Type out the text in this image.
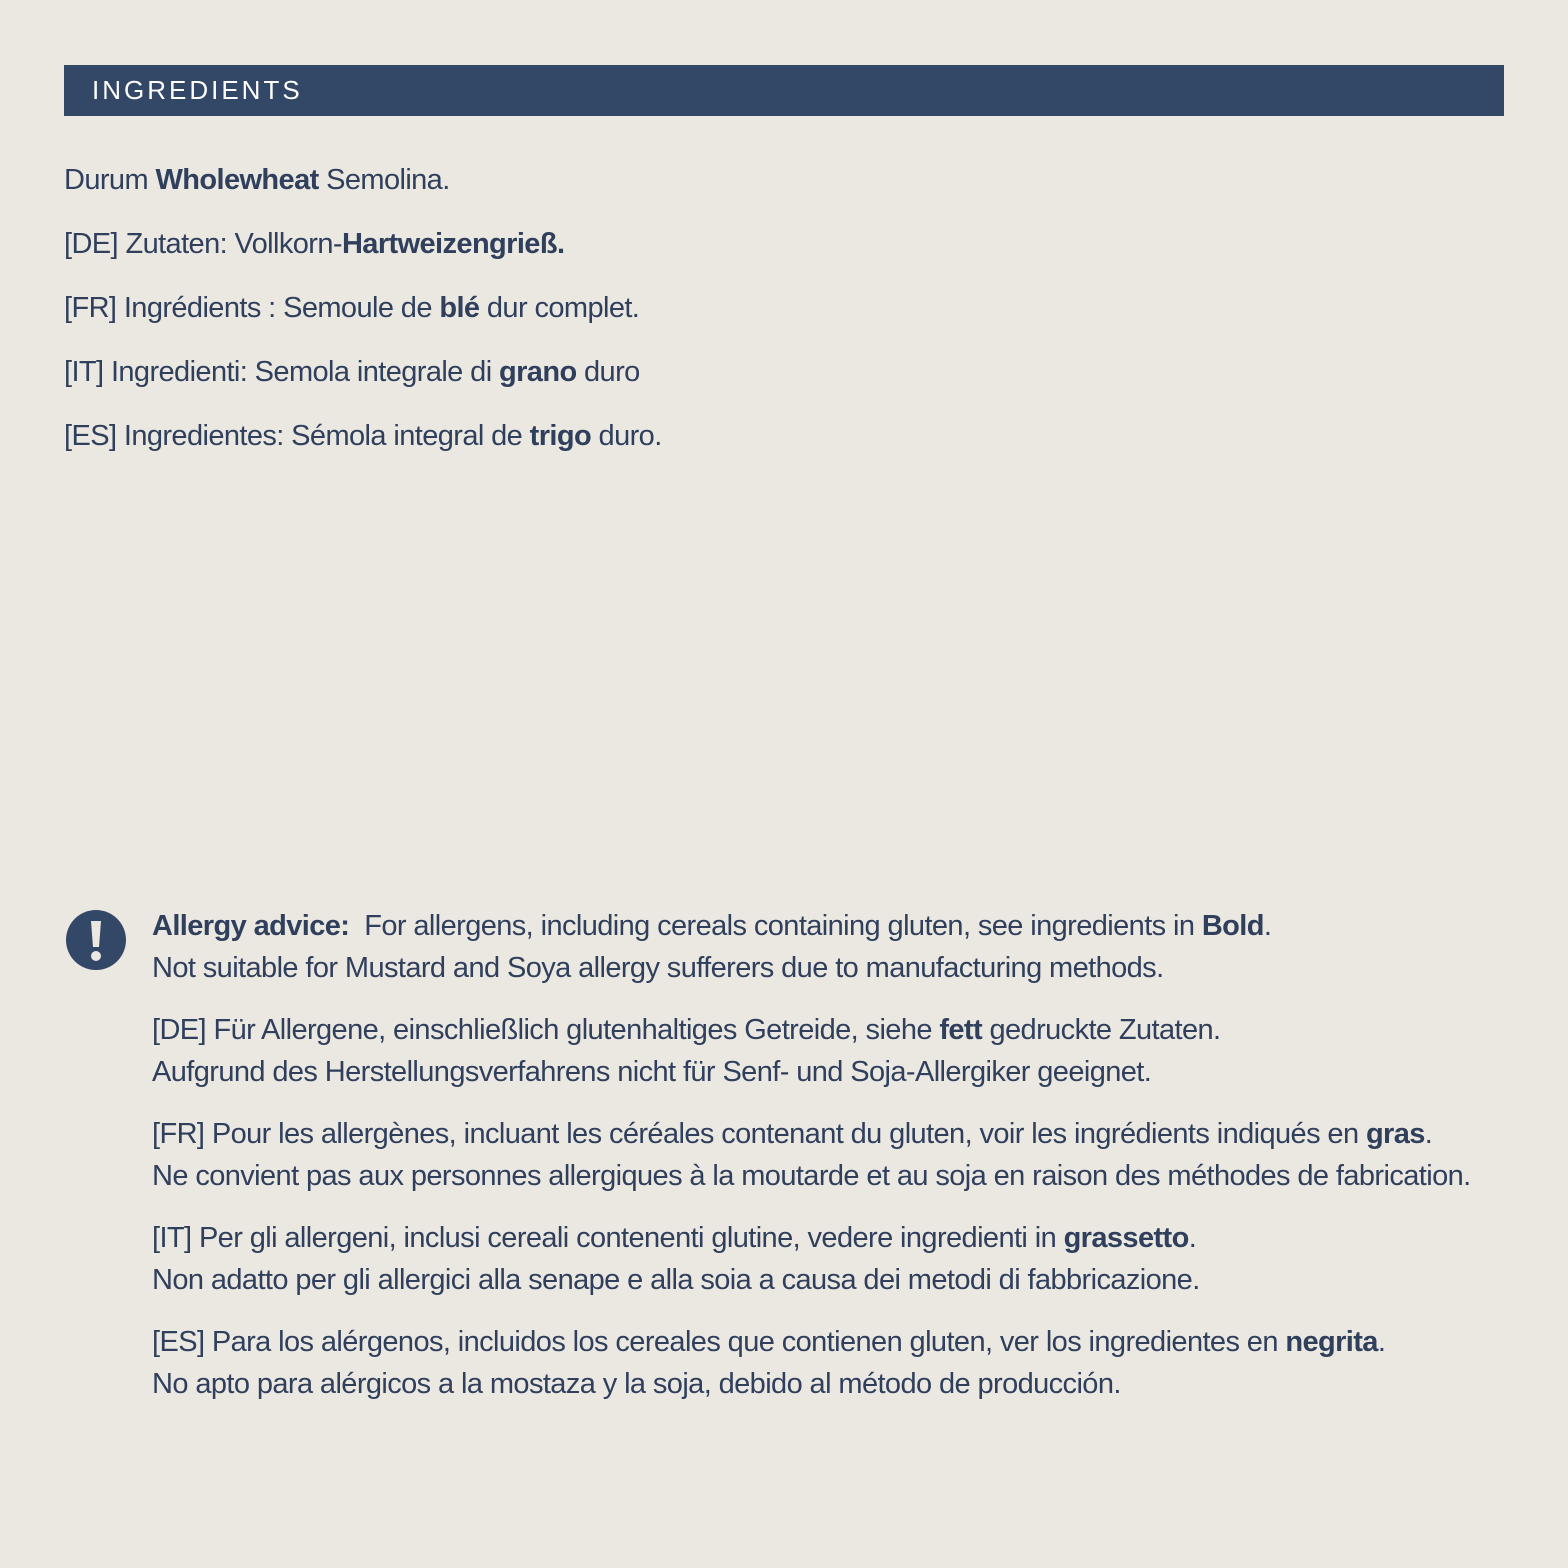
INGREDIENTS
Durum Wholewheat Semolina.
[DE] Zutaten: Vollkorn-Hartweizengrieß.
[FR] Ingrédients : Semoule de blé dur complet.
[IT] Ingredienti: Semola integrale di grano duro
[ES] Ingredientes: Sémola integral de trigo duro.
Allergy advice:  For allergens, including cereals containing gluten, see ingredients in Bold.
Not suitable for Mustard and Soya allergy sufferers due to manufacturing methods.
[DE] Für Allergene, einschließlich glutenhaltiges Getreide, siehe fett gedruckte Zutaten.
Aufgrund des Herstellungsverfahrens nicht für Senf- und Soja-Allergiker geeignet.
[FR] Pour les allergènes, incluant les céréales contenant du gluten, voir les ingrédients indiqués en gras.
Ne convient pas aux personnes allergiques à la moutarde et au soja en raison des méthodes de fabrication.
[IT] Per gli allergeni, inclusi cereali contenenti glutine, vedere ingredienti in grassetto.
Non adatto per gli allergici alla senape e alla soia a causa dei metodi di fabbricazione.
[ES] Para los alérgenos, incluidos los cereales que contienen gluten, ver los ingredientes en negrita.
No apto para alérgicos a la mostaza y la soja, debido al método de producción.
